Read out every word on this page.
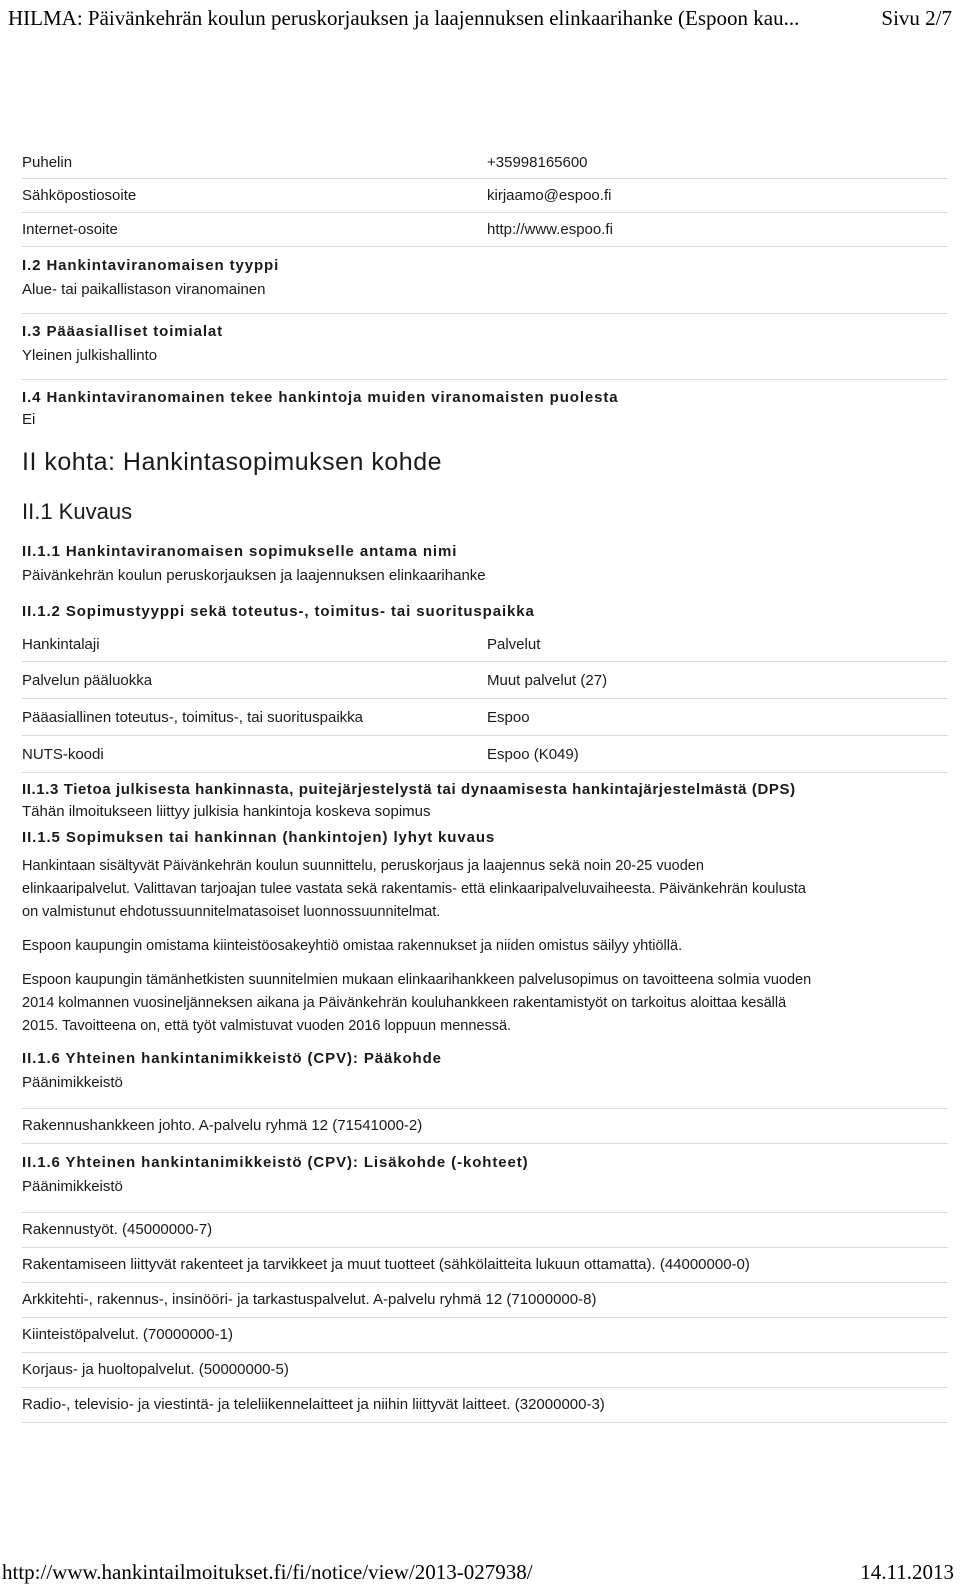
HILMA: Päivänkehrän koulun peruskorjauksen ja laajennuksen elinkaarihanke (Espoon kau...	Sivu 2/7
Puhelin	+35998165600
Sähköpostiosoite	kirjaamo@espoo.fi
Internet-osoite	http://www.espoo.fi
I.2 Hankintaviranomaisen tyyppi
Alue- tai paikallistason viranomainen
I.3 Pääasialliset toimialat
Yleinen julkishallinto
I.4 Hankintaviranomainen tekee hankintoja muiden viranomaisten puolesta
Ei
II kohta: Hankintasopimuksen kohde
II.1 Kuvaus
II.1.1 Hankintaviranomaisen sopimukselle antama nimi
Päivänkehrän koulun peruskorjauksen ja laajennuksen elinkaarihanke
II.1.2 Sopimustyyppi sekä toteutus-, toimitus- tai suorituspaikka
Hankintalaji	Palvelut
Palvelun pääluokka	Muut palvelut (27)
Pääasiallinen toteutus-, toimitus-, tai suorituspaikka	Espoo
NUTS-koodi	Espoo (K049)
II.1.3 Tietoa julkisesta hankinnasta, puitejärjestelystä tai dynaamisesta hankintajärjestelmästä (DPS)
Tähän ilmoitukseen liittyy julkisia hankintoja koskeva sopimus
II.1.5 Sopimuksen tai hankinnan (hankintojen) lyhyt kuvaus
Hankintaan sisältyvät Päivänkehrän koulun suunnittelu, peruskorjaus ja laajennus sekä noin 20-25 vuoden
elinkaaripalvelut. Valittavan tarjoajan tulee vastata sekä rakentamis- että elinkaaripalveluvaiheesta. Päivänkehrän koulusta
on valmistunut ehdotussuunnitelmatasoiset luonnossuunnitelmat.
Espoon kaupungin omistama kiinteistöosakeyhtiö omistaa rakennukset ja niiden omistus säilyy yhtiöllä.
Espoon kaupungin tämänhetkisten suunnitelmien mukaan elinkaarihankkeen palvelusopimus on tavoitteena solmia vuoden
2014 kolmannen vuosineljänneksen aikana ja Päivänkehrän kouluhankkeen rakentamistyöt on tarkoitus aloittaa kesällä
2015. Tavoitteena on, että työt valmistuvat vuoden 2016 loppuun mennessä.
II.1.6 Yhteinen hankintanimikkeistö (CPV): Pääkohde
Päänimikkeistö
Rakennushankkeen johto. A-palvelu ryhmä 12 (71541000-2)
II.1.6 Yhteinen hankintanimikkeistö (CPV): Lisäkohde (-kohteet)
Päänimikkeistö
Rakennustyöt. (45000000-7)
Rakentamiseen liittyvät rakenteet ja tarvikkeet ja muut tuotteet (sähkölaitteita lukuun ottamatta). (44000000-0)
Arkkitehti-, rakennus-, insinööri- ja tarkastuspalvelut. A-palvelu ryhmä 12 (71000000-8)
Kiinteistöpalvelut. (70000000-1)
Korjaus- ja huoltopalvelut. (50000000-5)
Radio-, televisio- ja viestintä- ja teleliikennelaitteet ja niihin liittyvät laitteet. (32000000-3)
http://www.hankintailmoitukset.fi/fi/notice/view/2013-027938/	14.11.2013
